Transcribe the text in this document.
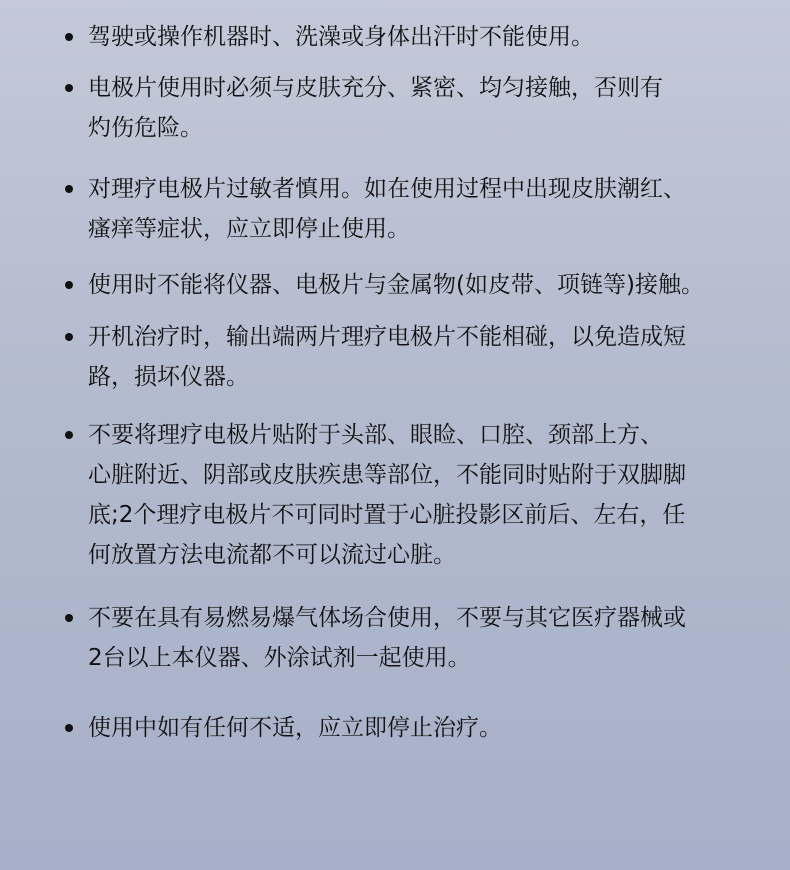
驾驶或操作机器时、洗澡或身体出汗时不能使用。
电极片使用时必须与皮肤充分、紧密、均匀接触，否则有
灼伤危险。
对理疗电极片过敏者慎用。如在使用过程中出现皮肤潮红、
瘙痒等症状，应立即停止使用。
使用时不能将仪器、电极片与金属物(如皮带、项链等)接触。
开机治疗时，输出端两片理疗电极片不能相碰，以免造成短
路，损坏仪器。
不要将理疗电极片贴附于头部、眼睑、口腔、颈部上方、
心脏附近、阴部或皮肤疾患等部位，不能同时贴附于双脚脚
底;2个理疗电极片不可同时置于心脏投影区前后、左右，任
何放置方法电流都不可以流过心脏。
不要在具有易燃易爆气体场合使用，不要与其它医疗器械或
2台以上本仪器、外涂试剂一起使用。
使用中如有任何不适，应立即停止治疗。
